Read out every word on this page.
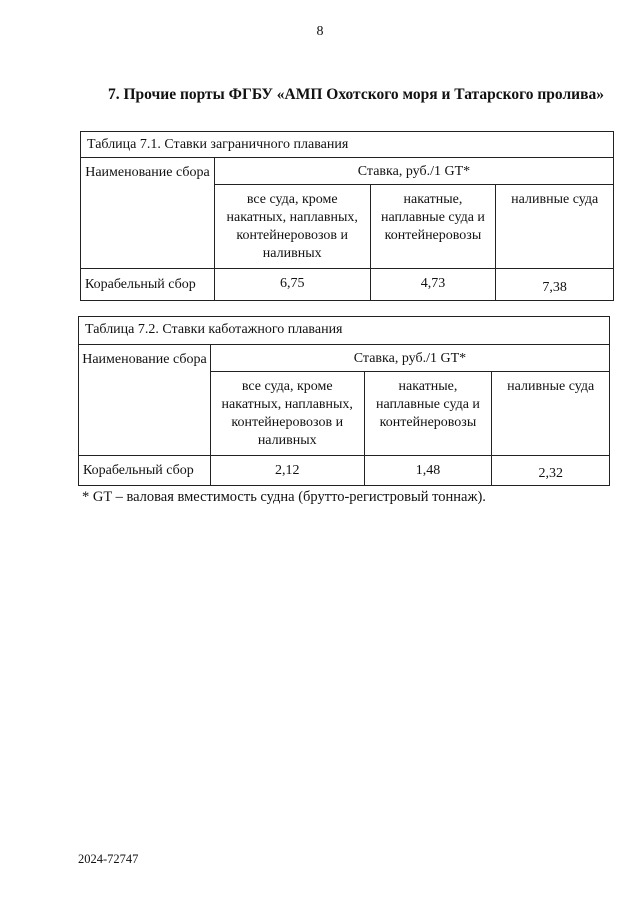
8
7. Прочие порты ФГБУ «АМП Охотского моря и Татарского пролива»
Таблица 7.1. Ставки заграничного плавания			
Наименование сбора	Ставка, руб./1 GT*		
	все суда, кроме накатных, наплавных, контейнеровозов и наливных	накатные, наплавные суда и контейнеровозы	наливные суда
Корабельный сбор	6,75	4,73	7,38
Таблица 7.2. Ставки каботажного плавания			
Наименование сбора	Ставка, руб./1 GT*		
	все суда, кроме накатных, наплавных, контейнеровозов и наливных	накатные, наплавные суда и контейнеровозы	наливные суда
Корабельный сбор	2,12	1,48	2,32
* GT – валовая вместимость судна (брутто-регистровый тоннаж).
2024-72747
